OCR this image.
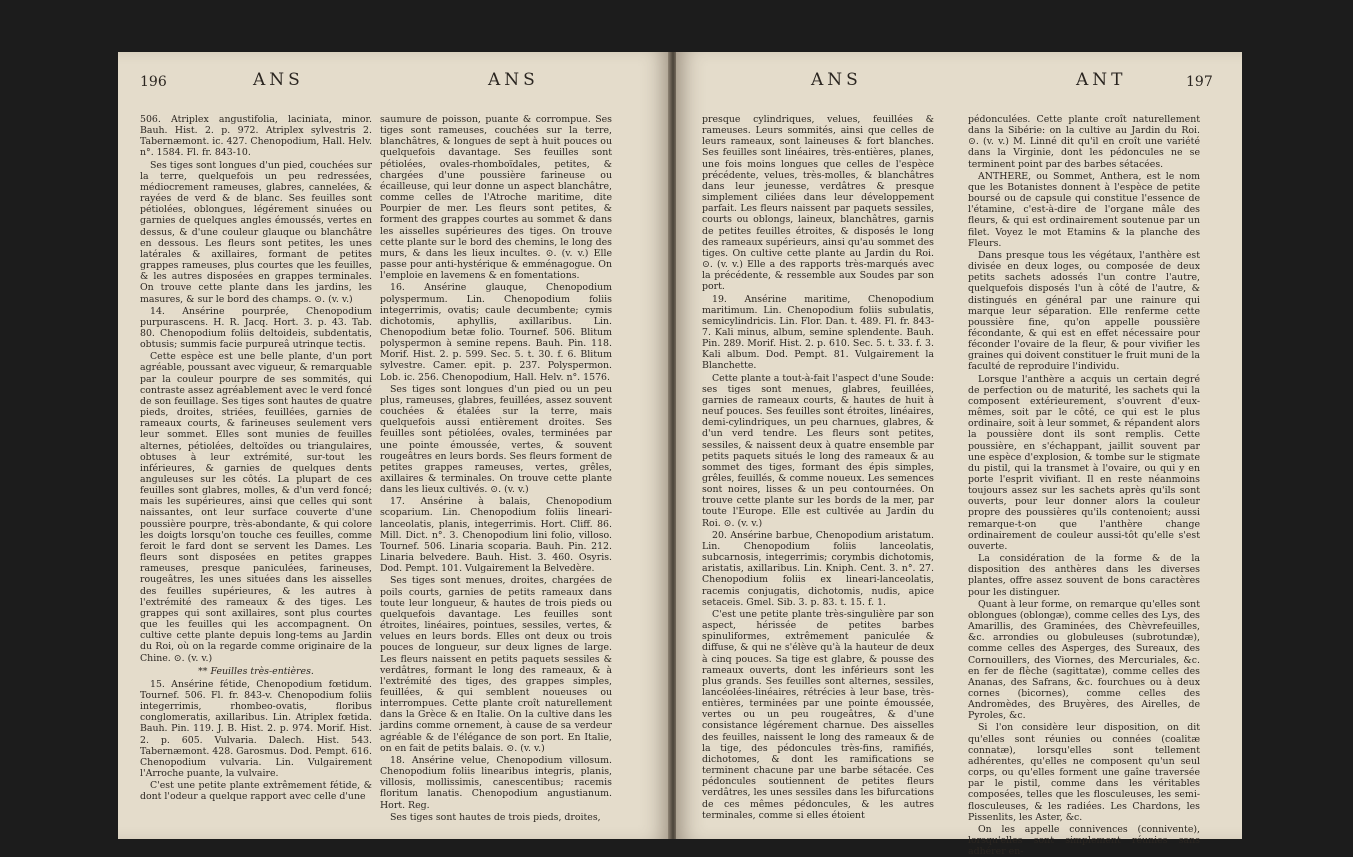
196	ANS	ANS

506. Atriplex angustifolia, laciniata, minor. Bauh. Hist. 2. p. 972. Atriplex sylvestris 2. Tabernæmont. ic. 427. Chenopodium, Hall. Helv. n°. 1584. Fl. fr. 843-10.

Ses tiges sont longues d'un pied, couchées sur la terre, quelquefois un peu redressées, médiocrement rameuses, glabres, cannelées, & rayées de verd & de blanc. Ses feuilles sont pétiolées, oblongues, légérement sinuées ou garnies de quelques angles émoussés, vertes en dessus, & d'une couleur glauque ou blanchâtre en dessous. Les fleurs sont petites, les unes latérales & axillaires, formant de petites grappes rameuses, plus courtes que les feuilles, & les autres disposées en grappes terminales. On trouve cette plante dans les jardins, les masures, & sur le bord des champs. ⊙. (v. v.)

14. Ansérine pourprée, Chenopodium purpurascens. H. R. Jacq. Hort. 3. p. 43. Tab. 80. Chenopodium foliis deltoideis, subdentatis, obtusis; summis facie purpureâ utrinque tectis.

Cette espèce est une belle plante, d'un port agréable, poussant avec vigueur, & remarquable par la couleur pourpre de ses sommités, qui contraste assez agréablement avec le verd foncé de son feuillage. Ses tiges sont hautes de quatre pieds, droites, striées, feuillées, garnies de rameaux courts, & farineuses seulement vers leur sommet. Elles sont munies de feuilles alternes, pétiolées, deltoïdes ou triangulaires, obtuses à leur extrémité, sur-tout les inférieures, & garnies de quelques dents anguleuses sur les côtés. La plupart de ces feuilles sont glabres, molles, & d'un verd foncé; mais les supérieures, ainsi que celles qui sont naissantes, ont leur surface couverte d'une poussière pourpre, très-abondante, & qui colore les doigts lorsqu'on touche ces feuilles, comme feroit le fard dont se servent les Dames. Les fleurs sont disposées en petites grappes rameuses, presque paniculées, farineuses, rougeâtres, les unes situées dans les aisselles des feuilles supérieures, & les autres à l'extrémité des rameaux & des tiges. Les grappes qui sont axillaires, sont plus courtes que les feuilles qui les accompagnent. On cultive cette plante depuis long-tems au Jardin du Roi, où on la regarde comme originaire de la Chine. ⊙. (v. v.)

** Feuilles très-entières.

15. Ansérine fétide, Chenopodium fœtidum. Tournef. 506. Fl. fr. 843-v. Chenopodium foliis integerrimis, rhombeo-ovatis, floribus conglomeratis, axillaribus. Lin. Atriplex fœtida. Bauh. Pin. 119. J. B. Hist. 2. p. 974. Morif. Hist. 2. p. 605. Vulvaria. Dalech. Hist. 543. Tabernæmont. 428. Garosmus. Dod. Pempt. 616. Chenopodium vulvaria. Lin. Vulgairement l'Arroche puante, la vulvaire.

C'est une petite plante extrêmement fétide, & dont l'odeur a quelque rapport avec celle d'une

saumure de poisson, puante & corrompue. Ses tiges sont rameuses, couchées sur la terre, blanchâtres, & longues de sept à huit pouces ou quelquefois davantage. Ses feuilles sont pétiolées, ovales-rhomboïdales, petites, & chargées d'une poussière farineuse ou écailleuse, qui leur donne un aspect blanchâtre, comme celles de l'Atroche maritime, dite Pourpier de mer. Les fleurs sont petites, & forment des grappes courtes au sommet & dans les aisselles supérieures des tiges. On trouve cette plante sur le bord des chemins, le long des murs, & dans les lieux incultes. ⊙. (v. v.) Elle passe pour anti-hystérique & emménagogue. On l'emploie en lavemens & en fomentations.

16. Ansérine glauque, Chenopodium polyspermum. Lin. Chenopodium foliis integerrimis, ovatis; caule decumbente; cymis dichotomis, aphyllis, axillaribus. Lin. Chenopodium betæ folio. Tournef. 506. Blitum polyspermon à semine repens. Bauh. Pin. 118. Morif. Hist. 2. p. 599. Sec. 5. t. 30. f. 6. Blitum sylvestre. Camer. epit. p. 237. Polyspermon. Lob. ic. 256. Chenopodium, Hall. Helv. n°. 1576.

Ses tiges sont longues d'un pied ou un peu plus, rameuses, glabres, feuillées, assez souvent couchées & étalées sur la terre, mais quelquefois aussi entièrement droites. Ses feuilles sont pétiolées, ovales, terminées par une pointe émoussée, vertes, & souvent rougeâtres en leurs bords. Ses fleurs forment de petites grappes rameuses, vertes, grêles, axillaires & terminales. On trouve cette plante dans les lieux cultivés. ⊙. (v. v.)

17. Ansérine à balais, Chenopodium scoparium. Lin. Chenopodium foliis lineari-lanceolatis, planis, integerrimis. Hort. Cliff. 86. Mill. Dict. n°. 3. Chenopodium lini folio, villoso. Tournef. 506. Linaria scoparia. Bauh. Pin. 212. Linaria belvedere. Bauh. Hist. 3. 460. Osyris. Dod. Pempt. 101. Vulgairement la Belvedère.

Ses tiges sont menues, droites, chargées de poils courts, garnies de petits rameaux dans toute leur longueur, & hautes de trois pieds ou quelquefois davantage. Les feuilles sont étroites, linéaires, pointues, sessiles, vertes, & velues en leurs bords. Elles ont deux ou trois pouces de longueur, sur deux lignes de large. Les fleurs naissent en petits paquets sessiles & verdâtres, formant le long des rameaux, & à l'extrémité des tiges, des grappes simples, feuillées, & qui semblent noueuses ou interrompues. Cette plante croît naturellement dans la Grèce & en Italie. On la cultive dans les jardins comme ornement, à cause de sa verdeur agréable & de l'élégance de son port. En Italie, on en fait de petits balais. ⊙. (v. v.)

18. Ansérine velue, Chenopodium villosum. Chenopodium foliis linearibus integris, planis, villosis, mollissimis, canescentibus; racemis floritum lanatis. Chenopodium angustianum. Hort. Reg.

Ses tiges sont hautes de trois pieds, droites,

ANS	ANT	197

presque cylindriques, velues, feuillées & rameuses. Leurs sommités, ainsi que celles de leurs rameaux, sont laineuses & fort blanches. Ses feuilles sont linéaires, très-entières, planes, une fois moins longues que celles de l'espèce précédente, velues, très-molles, & blanchâtres dans leur jeunesse, verdâtres & presque simplement ciliées dans leur développement parfait. Les fleurs naissent par paquets sessiles, courts ou oblongs, laineux, blanchâtres, garnis de petites feuilles étroites, & disposés le long des rameaux supérieurs, ainsi qu'au sommet des tiges. On cultive cette plante au Jardin du Roi. ⊙. (v. v.) Elle a des rapports très-marqués avec la précédente, & ressemble aux Soudes par son port.

19. Ansérine maritime, Chenopodium maritimum. Lin. Chenopodium foliis subulatis, semicylindricis. Lin. Flor. Dan. t. 489. Fl. fr. 843-7. Kali minus, album, semine splendente. Bauh. Pin. 289. Morif. Hist. 2. p. 610. Sec. 5. t. 33. f. 3. Kali album. Dod. Pempt. 81. Vulgairement la Blanchette.

Cette plante a tout-à-fait l'aspect d'une Soude: ses tiges sont menues, glabres, feuillées, garnies de rameaux courts, & hautes de huit à neuf pouces. Ses feuilles sont étroites, linéaires, demi-cylindriques, un peu charnues, glabres, & d'un verd tendre. Les fleurs sont petites, sessiles, & naissent deux à quatre ensemble par petits paquets situés le long des rameaux & au sommet des tiges, formant des épis simples, grêles, feuillés, & comme noueux. Les semences sont noires, lisses & un peu contournées. On trouve cette plante sur les bords de la mer, par toute l'Europe. Elle est cultivée au Jardin du Roi. ⊙. (v. v.)

20. Ansérine barbue, Chenopodium aristatum. Lin. Chenopodium foliis lanceolatis, subcarnosis, integerrimis; corymbis dichotomis, aristatis, axillaribus. Lin. Kniph. Cent. 3. n°. 27. Chenopodium foliis ex lineari-lanceolatis, racemis conjugatis, dichotomis, nudis, apice setaceis. Gmel. Sib. 3. p. 83. t. 15. f. 1.

C'est une petite plante très-singulière par son aspect, hérissée de petites barbes spinuliformes, extrêmement paniculée & diffuse, & qui ne s'élève qu'à la hauteur de deux à cinq pouces. Sa tige est glabre, & pousse des rameaux ouverts, dont les inférieurs sont les plus grands. Ses feuilles sont alternes, sessiles, lancéolées-linéaires, rétrécies à leur base, très-entières, terminées par une pointe émoussée, vertes ou un peu rougeâtres, & d'une consistance légérement charnue. Des aisselles des feuilles, naissent le long des rameaux & de la tige, des pédoncules très-fins, ramifiés, dichotomes, & dont les ramifications se terminent chacune par une barbe sétacée. Ces pédoncules soutiennent de petites fleurs verdâtres, les unes sessiles dans les bifurcations de ces mêmes pédoncules, & les autres terminales, comme si elles étoient

pédonculées. Cette plante croît naturellement dans la Sibérie: on la cultive au Jardin du Roi. ⊙. (v. v.) M. Linné dit qu'il en croît une variété dans la Virginie, dont les pédoncules ne se terminent point par des barbes sétacées.

ANTHERE, ou Sommet, Anthera, est le nom que les Botanistes donnent à l'espèce de petite boursé ou de capsule qui constitue l'essence de l'étamine, c'est-à-dire de l'organe mâle des fleurs, & qui est ordinairement soutenue par un filet. Voyez le mot Etamins & la planche des Fleurs.

Dans presque tous les végétaux, l'anthère est divisée en deux loges, ou composée de deux petits sachets adossés l'un contre l'autre, quelquefois disposés l'un à côté de l'autre, & distingués en général par une rainure qui marque leur séparation. Elle renferme cette poussière fine, qu'on appelle poussière fécondante, & qui est en effet nécessaire pour féconder l'ovaire de la fleur, & pour vivifier les graines qui doivent constituer le fruit muni de la faculté de reproduire l'individu.

Lorsque l'anthère a acquis un certain degré de perfection ou de maturité, les sachets qui la composent extérieurement, s'ouvrent d'eux-mêmes, soit par le côté, ce qui est le plus ordinaire, soit à leur sommet, & répandent alors la poussière dont ils sont remplis. Cette poussière, en s'échappant, jaillit souvent par une espèce d'explosion, & tombe sur le stigmate du pistil, qui la transmet à l'ovaire, ou qui y en porte l'esprit vivifiant. Il en reste néanmoins toujours assez sur les sachets après qu'ils sont ouverts, pour leur donner alors la couleur propre des poussières qu'ils contenoient; aussi remarque-t-on que l'anthère change ordinairement de couleur aussi-tôt qu'elle s'est ouverte.

La considération de la forme & de la disposition des anthères dans les diverses plantes, offre assez souvent de bons caractères pour les distinguer.

Quant à leur forme, on remarque qu'elles sont oblongues (oblongæ), comme celles des Lys, des Amarillis, des Graminées, des Chèvrefeuilles, &c. arrondies ou globuleuses (subrotundæ), comme celles des Asperges, des Sureaux, des Cornouillers, des Viornes, des Mercuriales, &c. en fer de flèche (sagittatæ), comme celles des Ananas, des Safrans, &c. fourchues ou à deux cornes (bicornes), comme celles des Andromèdes, des Bruyères, des Airelles, de Pyroles, &c.

Si l'on considère leur disposition, on dit qu'elles sont réunies ou connées (coalitæ connatæ), lorsqu'elles sont tellement adhérentes, qu'elles ne composent qu'un seul corps, ou qu'elles forment une gaîne traversée par le pistil, comme dans les véritables composées, telles que les flosculeuses, les semi-flosculeuses, & les radiées. Les Chardons, les Pissenlits, les Aster, &c.

On les appelle connivences (connivente), lorsqu'elles sont simplement réunies sans adhérer en-
